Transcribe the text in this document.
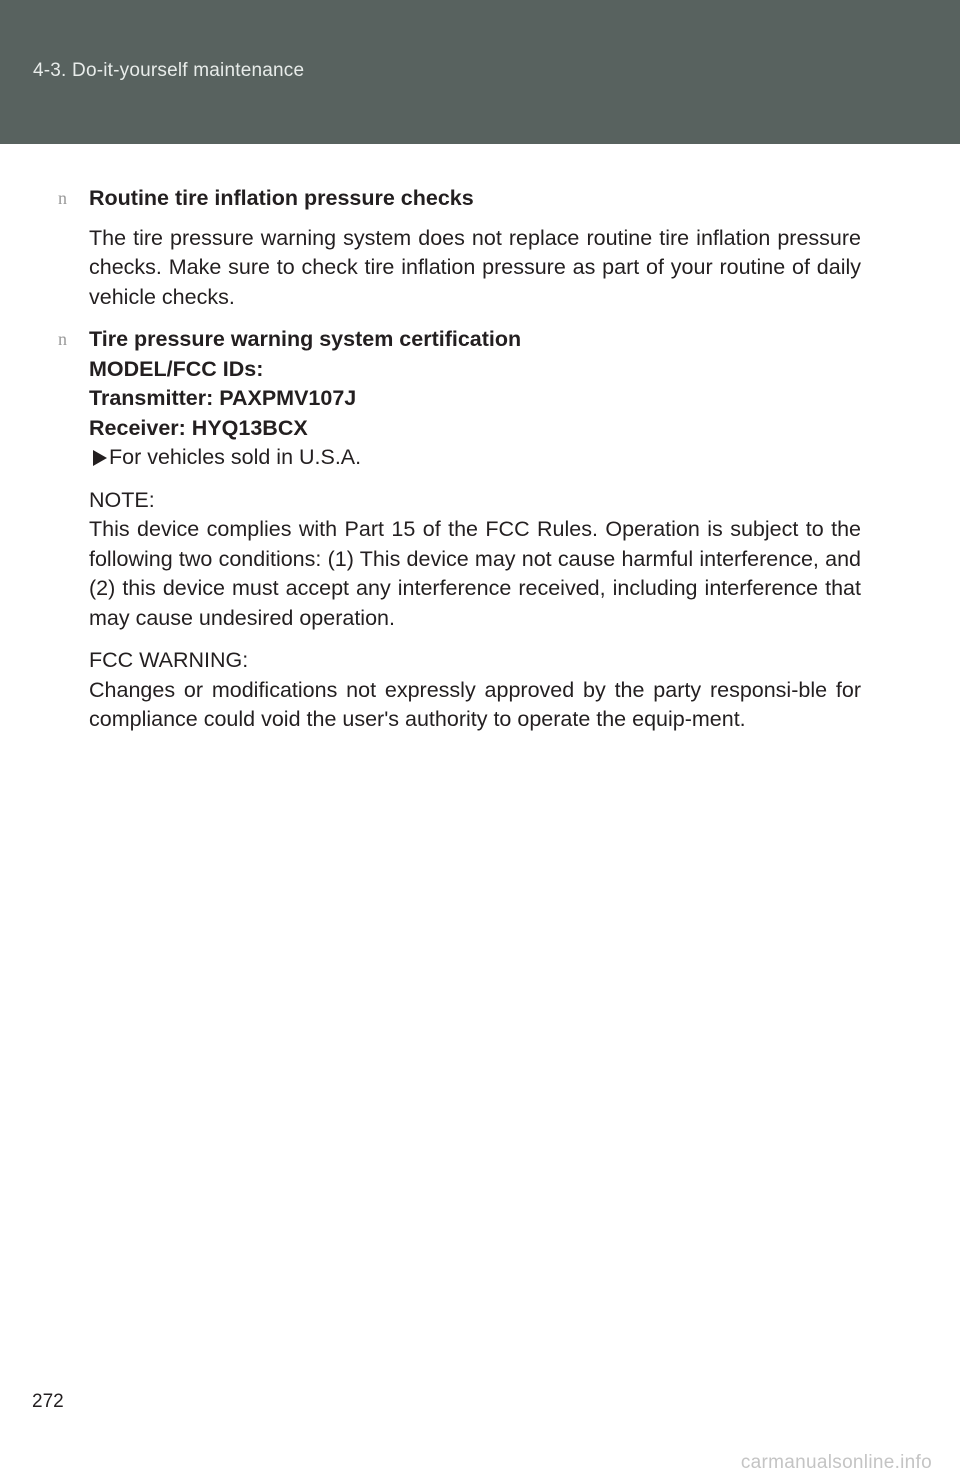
4-3. Do-it-yourself maintenance

n Routine tire inflation pressure checks

The tire pressure warning system does not replace routine tire inflation pressure checks. Make sure to check tire inflation pressure as part of your routine of daily vehicle checks.

n Tire pressure warning system certification

MODEL/FCC IDs:

Transmitter: PAXPMV107J

Receiver: HYQ13BCX

For vehicles sold in U.S.A.

NOTE:

This device complies with Part 15 of the FCC Rules. Operation is subject to the following two conditions: (1) This device may not cause harmful interference, and (2) this device must accept any interference received, including interference that may cause undesired operation.

FCC WARNING:

Changes or modifications not expressly approved by the party responsi-ble for compliance could void the user's authority to operate the equip-ment.

272
carmanualsonline.info
